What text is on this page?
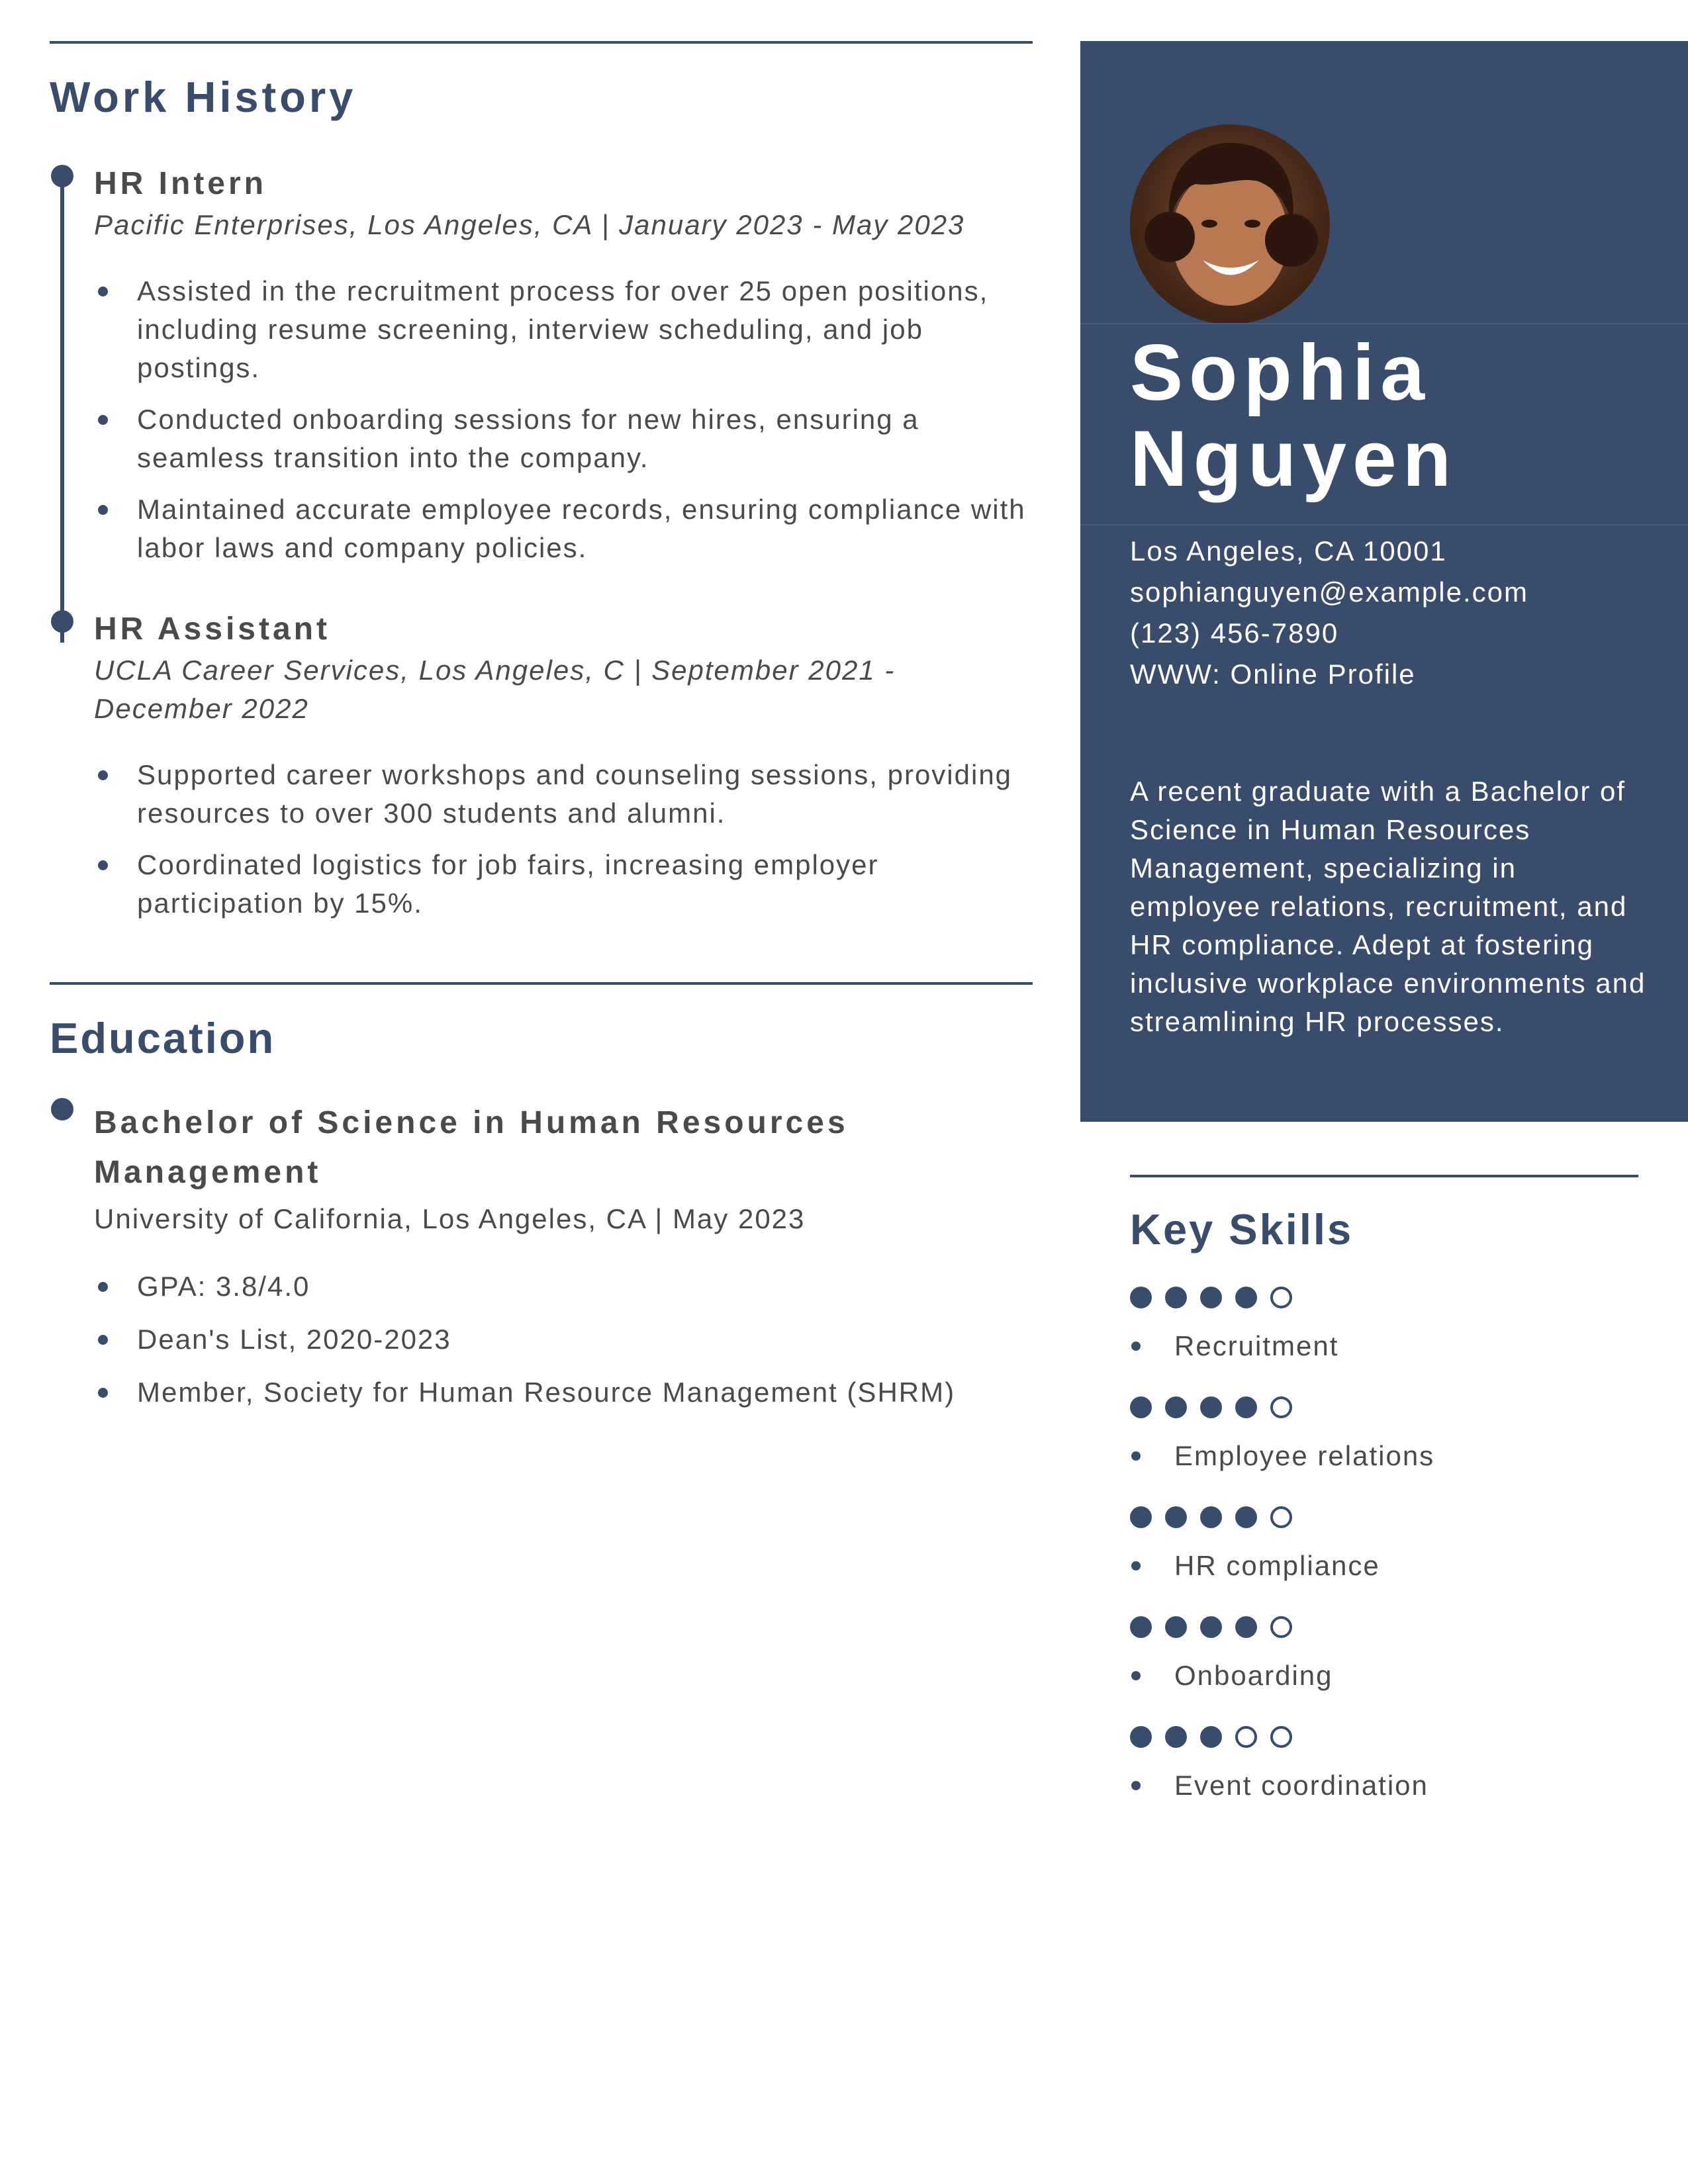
Work History
HR Intern
Pacific Enterprises, Los Angeles, CA | January 2023 - May 2023
Assisted in the recruitment process for over 25 open positions, including resume screening, interview scheduling, and job postings.
Conducted onboarding sessions for new hires, ensuring a seamless transition into the company.
Maintained accurate employee records, ensuring compliance with labor laws and company policies.
HR Assistant
UCLA Career Services, Los Angeles, C | September 2021 - December 2022
Supported career workshops and counseling sessions, providing resources to over 300 students and alumni.
Coordinated logistics for job fairs, increasing employer participation by 15%.
Education
Bachelor of Science in Human Resources Management
University of California, Los Angeles, CA | May 2023
GPA: 3.8/4.0
Dean's List, 2020-2023
Member, Society for Human Resource Management (SHRM)
Sophia
Nguyen
Los Angeles, CA 10001
sophianguyen@example.com
(123) 456-7890
WWW: Online Profile
A recent graduate with a Bachelor of Science in Human Resources Management, specializing in employee relations, recruitment, and HR compliance. Adept at fostering inclusive workplace environments and streamlining HR processes.
Key Skills
Recruitment
Employee relations
HR compliance
Onboarding
Event coordination
